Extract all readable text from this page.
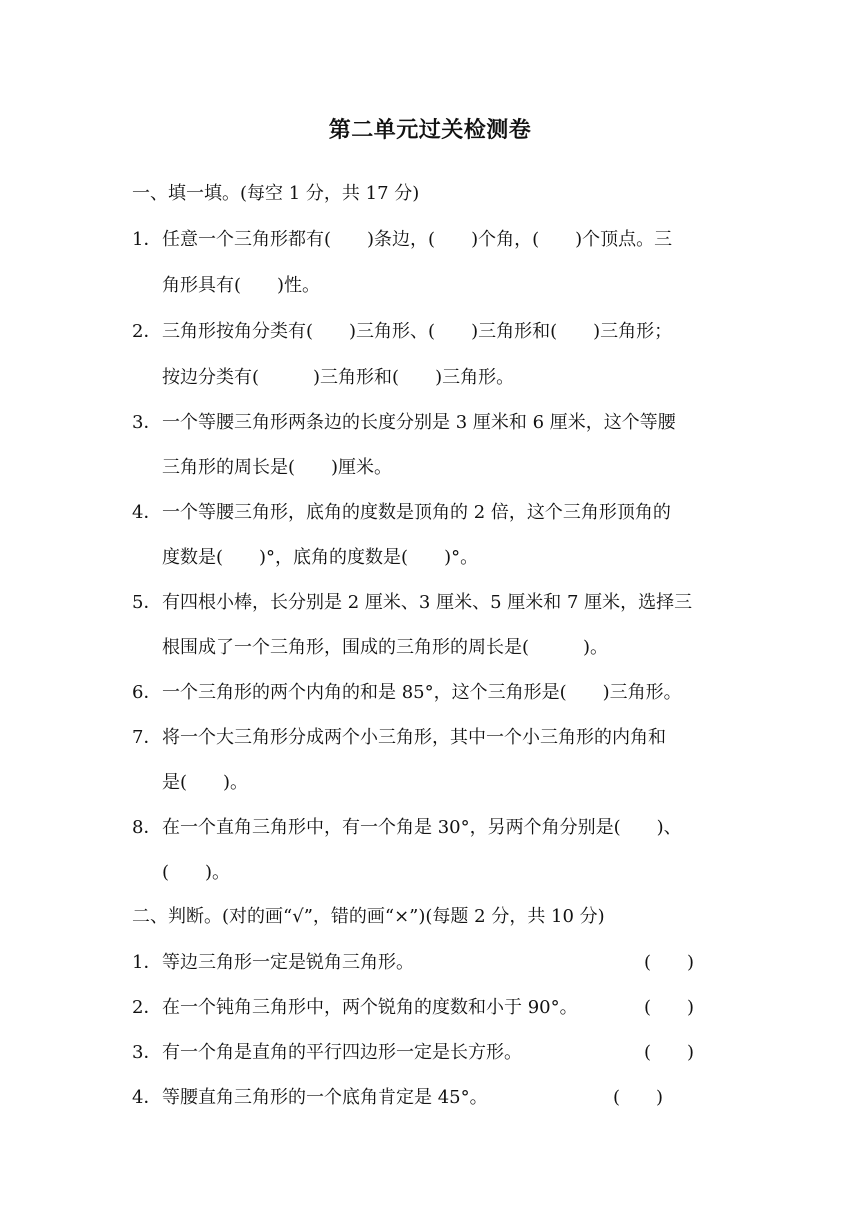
第二单元过关检测卷
一、填一填。(每空 1 分，共 17 分)
1．任意一个三角形都有(　　)条边，(　　)个角，(　　)个顶点。三
角形具有(　　)性。
2．三角形按角分类有(　　)三角形、(　　)三角形和(　　)三角形；
按边分类有(　　　)三角形和(　　)三角形。
3．一个等腰三角形两条边的长度分别是 3 厘米和 6 厘米，这个等腰
三角形的周长是(　　)厘米。
4．一个等腰三角形，底角的度数是顶角的 2 倍，这个三角形顶角的
度数是(　　)°，底角的度数是(　　)°。
5．有四根小棒，长分别是 2 厘米、3 厘米、5 厘米和 7 厘米，选择三
根围成了一个三角形，围成的三角形的周长是(　　　)。
6．一个三角形的两个内角的和是 85°，这个三角形是(　　)三角形。
7．将一个大三角形分成两个小三角形，其中一个小三角形的内角和
是(　　)。
8．在一个直角三角形中，有一个角是 30°，另两个角分别是(　　)、
(　　)。
二、判断。(对的画“√”，错的画“×”)(每题 2 分，共 10 分)
1．等边三角形一定是锐角三角形。	(　　)
2．在一个钝角三角形中，两个锐角的度数和小于 90°。	(　　)
3．有一个角是直角的平行四边形一定是长方形。	(　　)
4．等腰直角三角形的一个底角肯定是 45°。	(　　)
